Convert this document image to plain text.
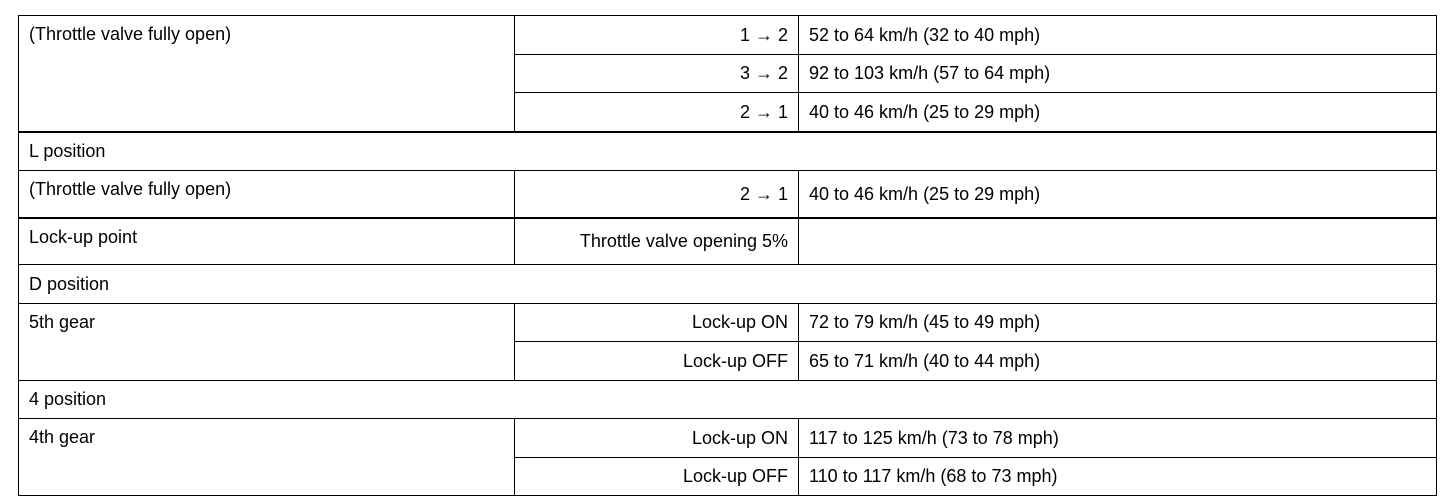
(Throttle valve fully open)	1 → 2	52 to 64 km/h (32 to 40 mph)
	3 → 2	92 to 103 km/h (57 to 64 mph)
	2 → 1	40 to 46 km/h (25 to 29 mph)
L position		
(Throttle valve fully open)	2 → 1	40 to 46 km/h (25 to 29 mph)
Lock-up point	Throttle valve opening 5%	
D position		
5th gear	Lock-up ON	72 to 79 km/h (45 to 49 mph)
	Lock-up OFF	65 to 71 km/h (40 to 44 mph)
4 position		
4th gear	Lock-up ON	117 to 125 km/h (73 to 78 mph)
	Lock-up OFF	110 to 117 km/h (68 to 73 mph)
